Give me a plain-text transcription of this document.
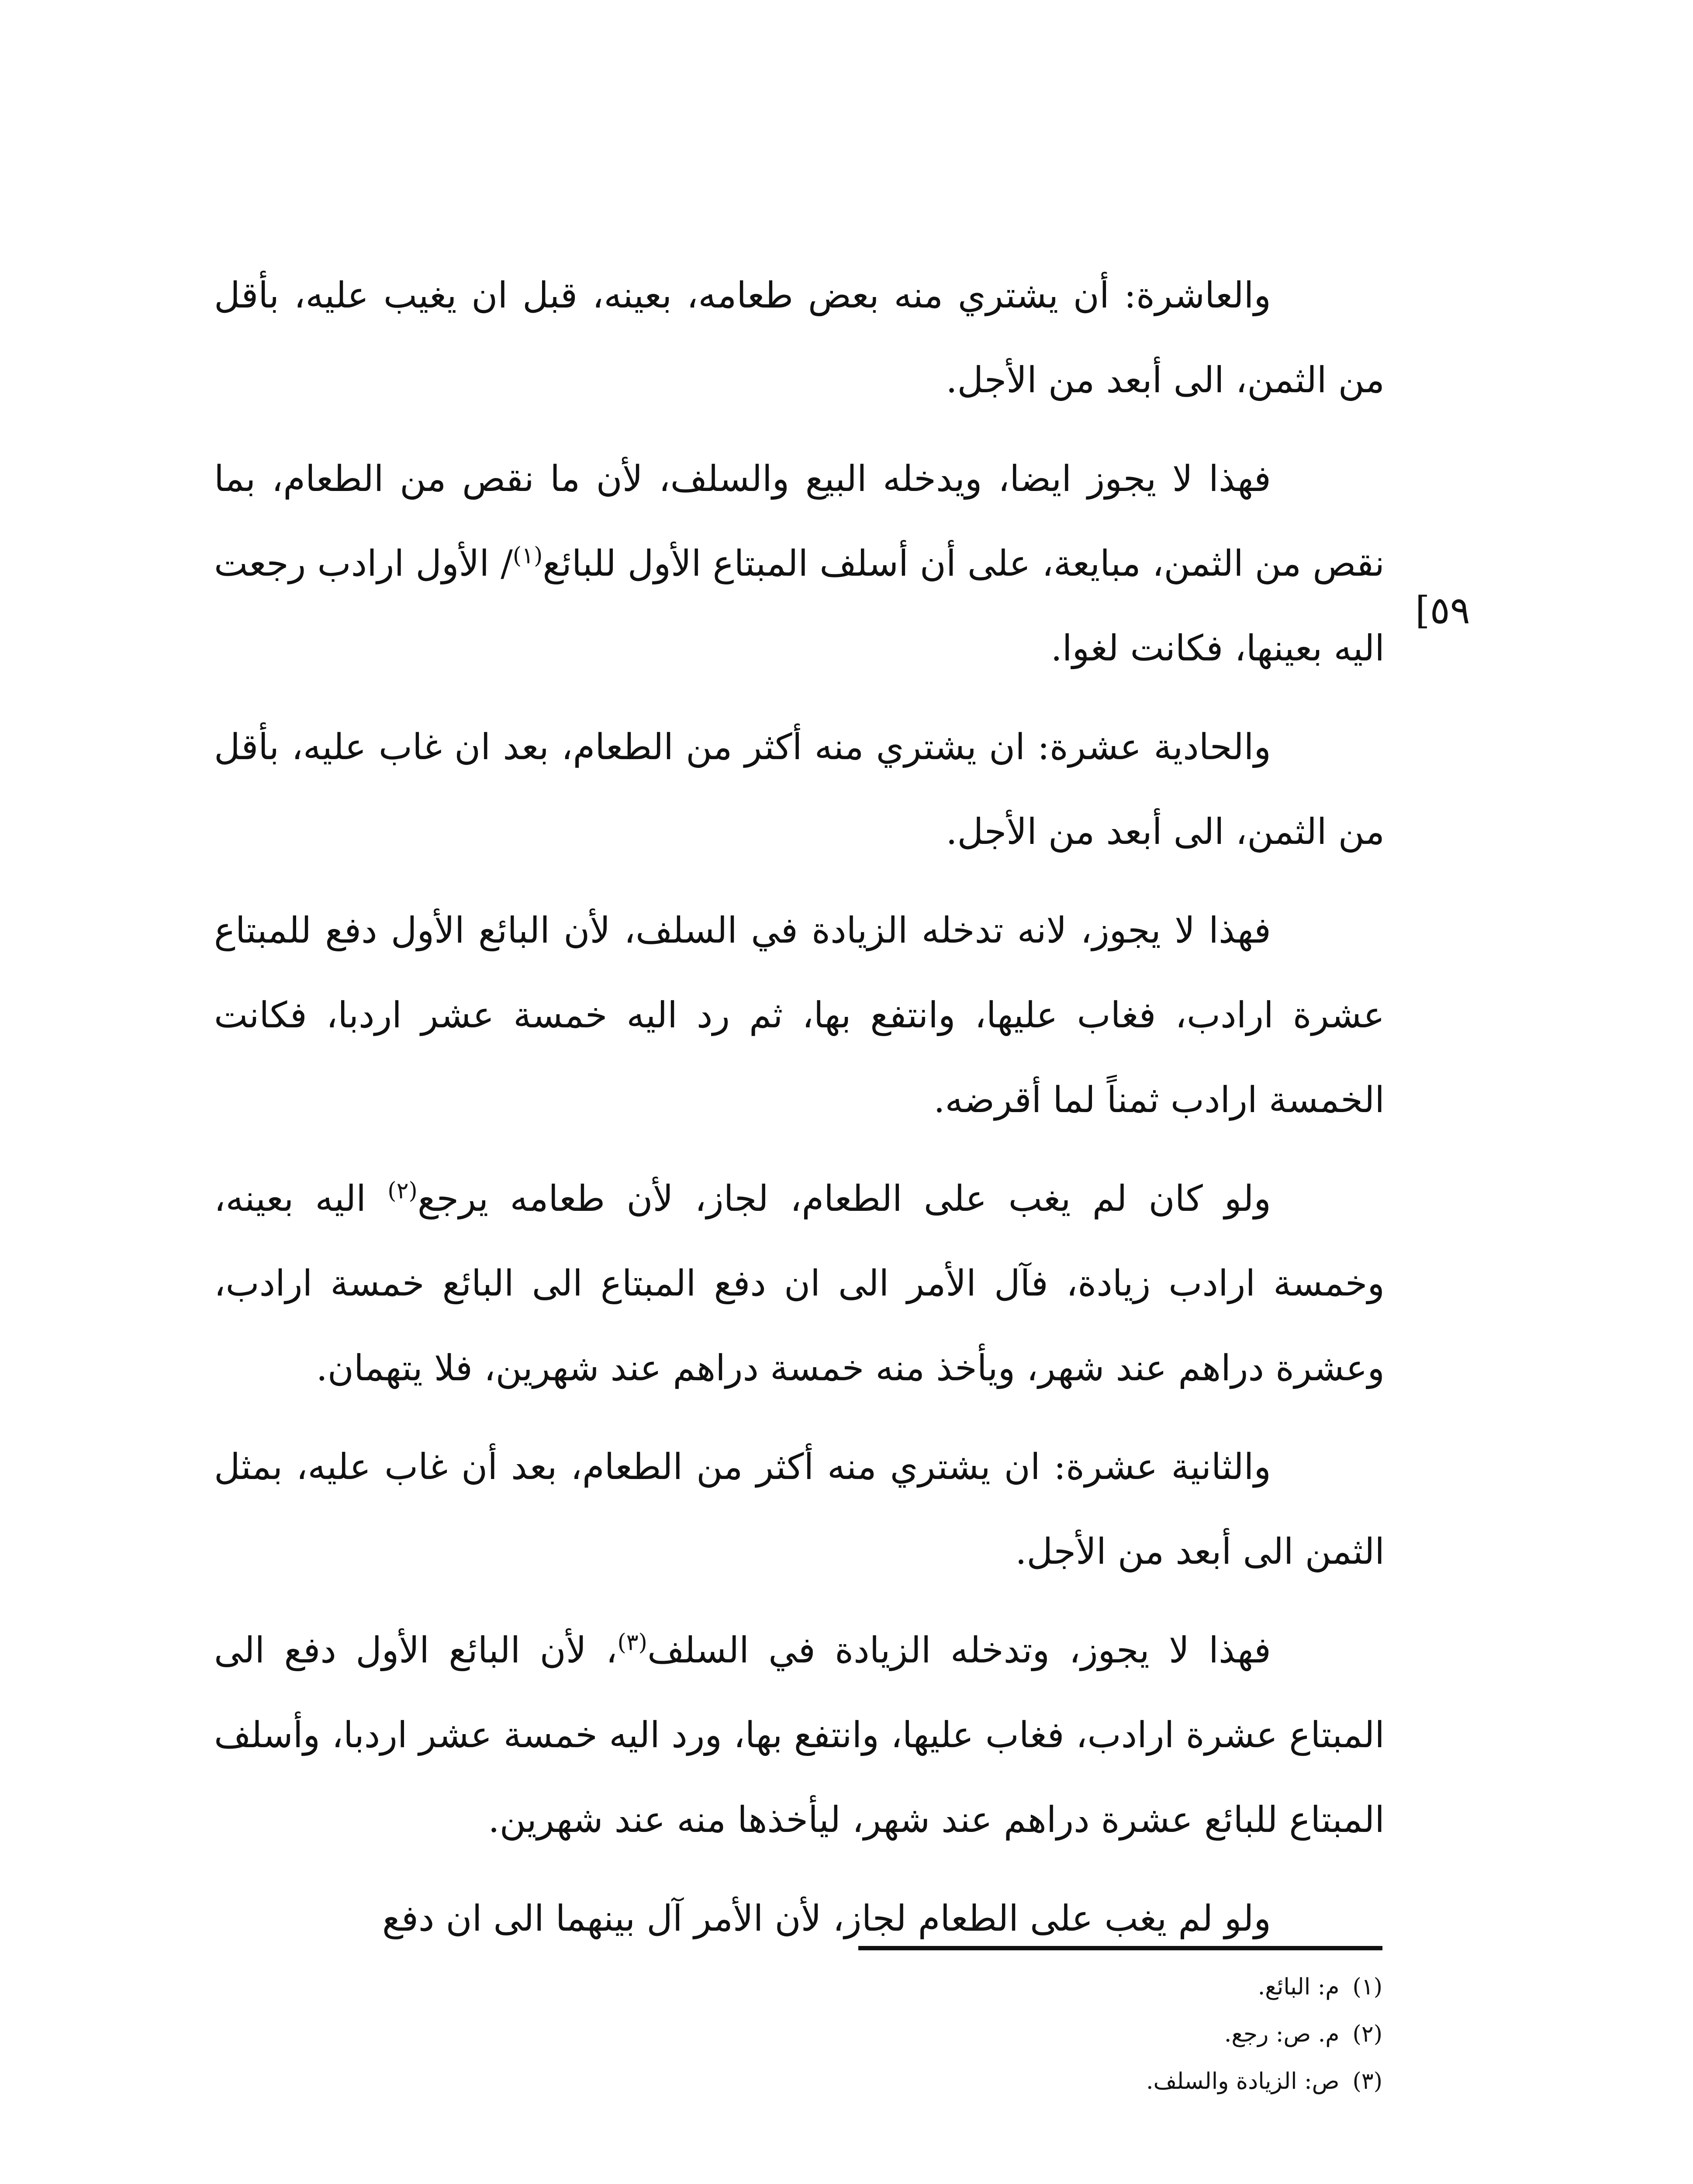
والعاشرة: أن يشتري منه بعض طعامه، بعينه، قبل ان يغيب عليه، بأقل من الثمن، الى أبعد من الأجل.

فهذا لا يجوز ايضا، ويدخله البيع والسلف، لأن ما نقص من الطعام، بما نقص من الثمن، مبايعة، على أن أسلف المبتاع الأول للبائع$^{(١)}$/ الأول ارادب رجعت اليه بعينها، فكانت لغوا.

والحادية عشرة: ان يشتري منه أكثر من الطعام، بعد ان غاب عليه، بأقل من الثمن، الى أبعد من الأجل.

فهذا لا يجوز، لانه تدخله الزيادة في السلف، لأن البائع الأول دفع للمبتاع عشرة ارادب، فغاب عليها، وانتفع بها، ثم رد اليه خمسة عشر اردبا، فكانت الخمسة ارادب ثمناً لما أقرضه.

ولو كان لم يغب على الطعام، لجاز، لأن طعامه يرجع$^{(٢)}$ اليه بعينه، وخمسة ارادب زيادة، فآل الأمر الى ان دفع المبتاع الى البائع خمسة ارادب، وعشرة دراهم عند شهر، ويأخذ منه خمسة دراهم عند شهرين، فلا يتهمان.

والثانية عشرة: ان يشتري منه أكثر من الطعام، بعد أن غاب عليه، بمثل الثمن الى أبعد من الأجل.

فهذا لا يجوز، وتدخله الزيادة في السلف$^{(٣)}$، لأن البائع الأول دفع الى المبتاع عشرة ارادب، فغاب عليها، وانتفع بها، ورد اليه خمسة عشر اردبا، وأسلف المبتاع للبائع عشرة دراهم عند شهر، ليأخذها منه عند شهرين.

ولو لم يغب على الطعام لجاز، لأن الأمر آل بينهما الى ان دفع

[٥٩

(١)م: البائع.

(٢)م. ص: رجع.

(٣)ص: الزيادة والسلف.
